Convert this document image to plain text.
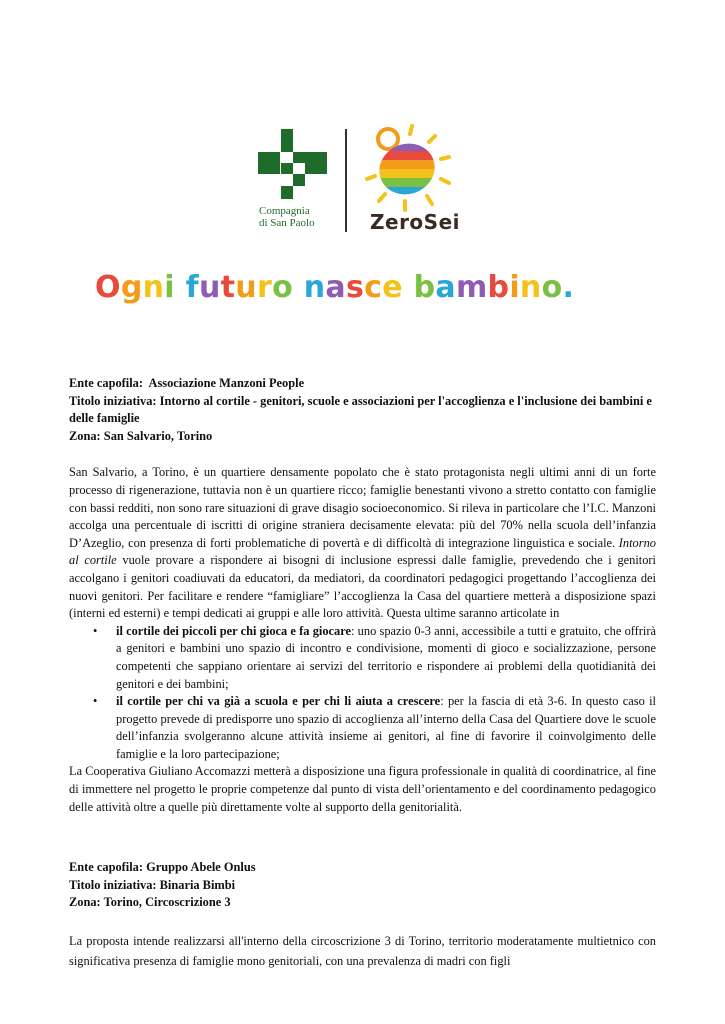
Compagnia
di San Paolo	ZeroSei
Ogni futuro nasce bambino.
Ente capofila: Associazione Manzoni People
Titolo iniziativa: Intorno al cortile - genitori, scuole e associazioni per l'accoglienza e l'inclusione dei bambini e delle famiglie
Zona: San Salvario, Torino

San Salvario, a Torino, è un quartiere densamente popolato che è stato protagonista negli ultimi anni di un forte processo di rigenerazione, tuttavia non è un quartiere ricco; famiglie benestanti vivono a stretto contatto con famiglie con bassi redditi, non sono rare situazioni di grave disagio socioeconomico. Si rileva in particolare che l’I.C. Manzoni accolga una percentuale di iscritti di origine straniera decisamente elevata: più del 70% nella scuola dell’infanzia D’Azeglio, con presenza di forti problematiche di povertà e di difficoltà di integrazione linguistica e sociale. Intorno al cortile vuole provare a rispondere ai bisogni di inclusione espressi dalle famiglie, prevedendo che i genitori accolgano i genitori coadiuvati da educatori, da mediatori, da coordinatori pedagogici progettando l’accoglienza dei nuovi genitori. Per facilitare e rendere “famigliare” l’accoglienza la Casa del quartiere metterà a disposizione spazi (interni ed esterni) e tempi dedicati ai gruppi e alle loro attività. Questa ultime saranno articolate in

• il cortile dei piccoli per chi gioca e fa giocare: uno spazio 0-3 anni, accessibile a tutti e gratuito, che offrirà a genitori e bambini uno spazio di incontro e condivisione, momenti di gioco e socializzazione, persone competenti che sappiano orientare ai servizi del territorio e rispondere ai problemi della quotidianità dei genitori e dei bambini;
• il cortile per chi va già a scuola e per chi li aiuta a crescere: per la fascia di età 3-6. In questo caso il progetto prevede di predisporre uno spazio di accoglienza all’interno della Casa del Quartiere dove le scuole dell’infanzia svolgeranno alcune attività insieme ai genitori, al fine di favorire il coinvolgimento delle famiglie e la loro partecipazione;

La Cooperativa Giuliano Accomazzi metterà a disposizione una figura professionale in qualità di coordinatrice, al fine di immettere nel progetto le proprie competenze dal punto di vista dell’orientamento e del coordinamento pedagogico delle attività oltre a quelle più direttamente volte al supporto della genitorialità.

Ente capofila: Gruppo Abele Onlus
Titolo iniziativa: Binaria Bimbi
Zona: Torino, Circoscrizione 3

La proposta intende realizzarsi all'interno della circoscrizione 3 di Torino, territorio moderatamente multietnico con significativa presenza di famiglie mono genitoriali, con una prevalenza di madri con figli
